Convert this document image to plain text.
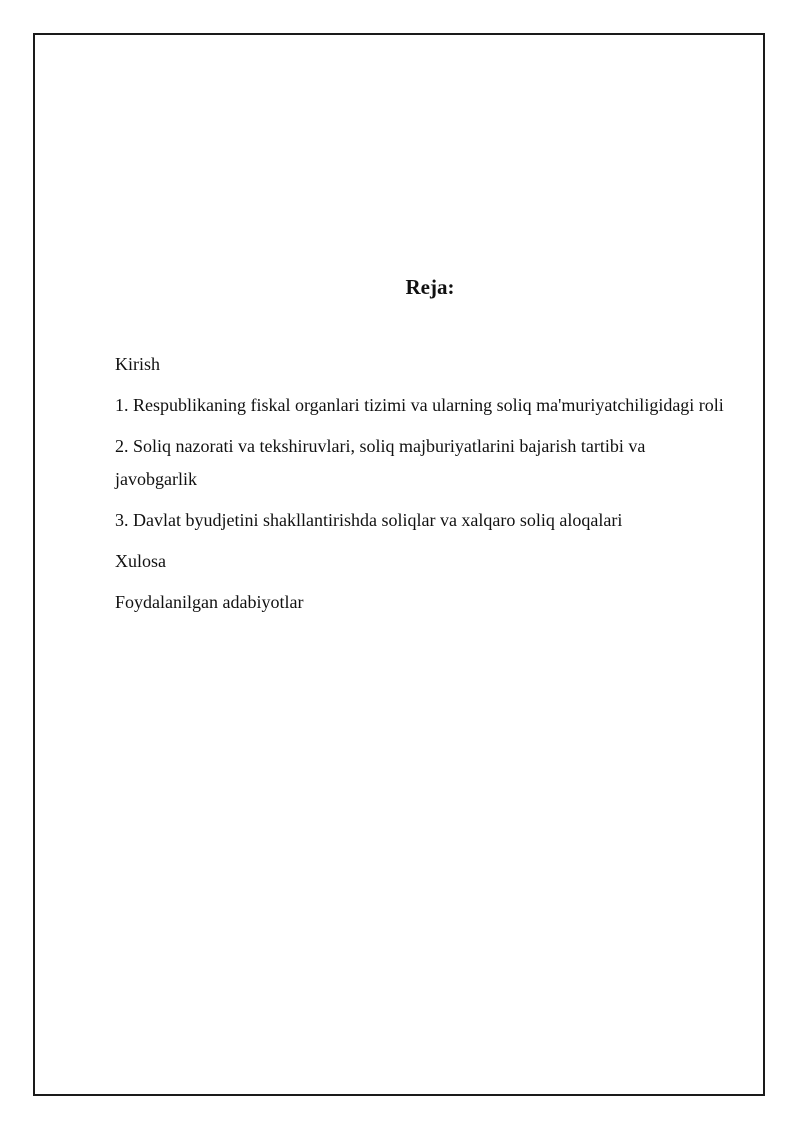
Reja:
Kirish
1. Respublikaning fiskal organlari tizimi va ularning soliq ma'muriyatchiligidagi roli
2. Soliq nazorati va tekshiruvlari, soliq majburiyatlarini bajarish tartibi va javobgarlik
3. Davlat byudjetini shakllantirishda soliqlar va xalqaro soliq aloqalari
Xulosa
Foydalanilgan adabiyotlar
